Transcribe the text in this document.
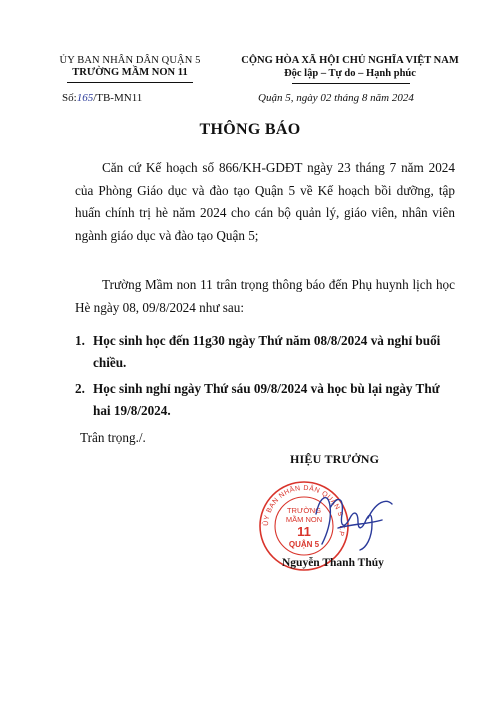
ỦY BAN NHÂN DÂN QUẬN 5
TRƯỜNG MẦM NON 11
CỘNG HÒA XÃ HỘI CHỦ NGHĨA VIỆT NAM
Độc lập – Tự do – Hạnh phúc
Số:165/TB-MN11	Quận 5, ngày 02 tháng 8 năm 2024
THÔNG BÁO
Căn cứ Kế hoạch số 866/KH-GDĐT ngày 23 tháng 7 năm 2024 của Phòng Giáo dục và đào tạo Quận 5 về Kế hoạch bồi dưỡng, tập huấn chính trị hè năm 2024 cho cán bộ quản lý, giáo viên, nhân viên ngành giáo dục và đào tạo Quận 5;
Trường Mầm non 11 trân trọng thông báo đến Phụ huynh lịch học Hè ngày 08, 09/8/2024 như sau:
1. Học sinh học đến 11g30 ngày Thứ năm 08/8/2024 và nghỉ buổi chiều.
2. Học sinh nghỉ ngày Thứ sáu 09/8/2024 và học bù lại ngày Thứ hai 19/8/2024.
Trân trọng./.
HIỆU TRƯỞNG
ỦY BAN NHÂN DÂN QUẬN 5 · T.P
TRƯỜNG
MẦM NON
11
QUẬN 5
Nguyễn Thanh Thúy
